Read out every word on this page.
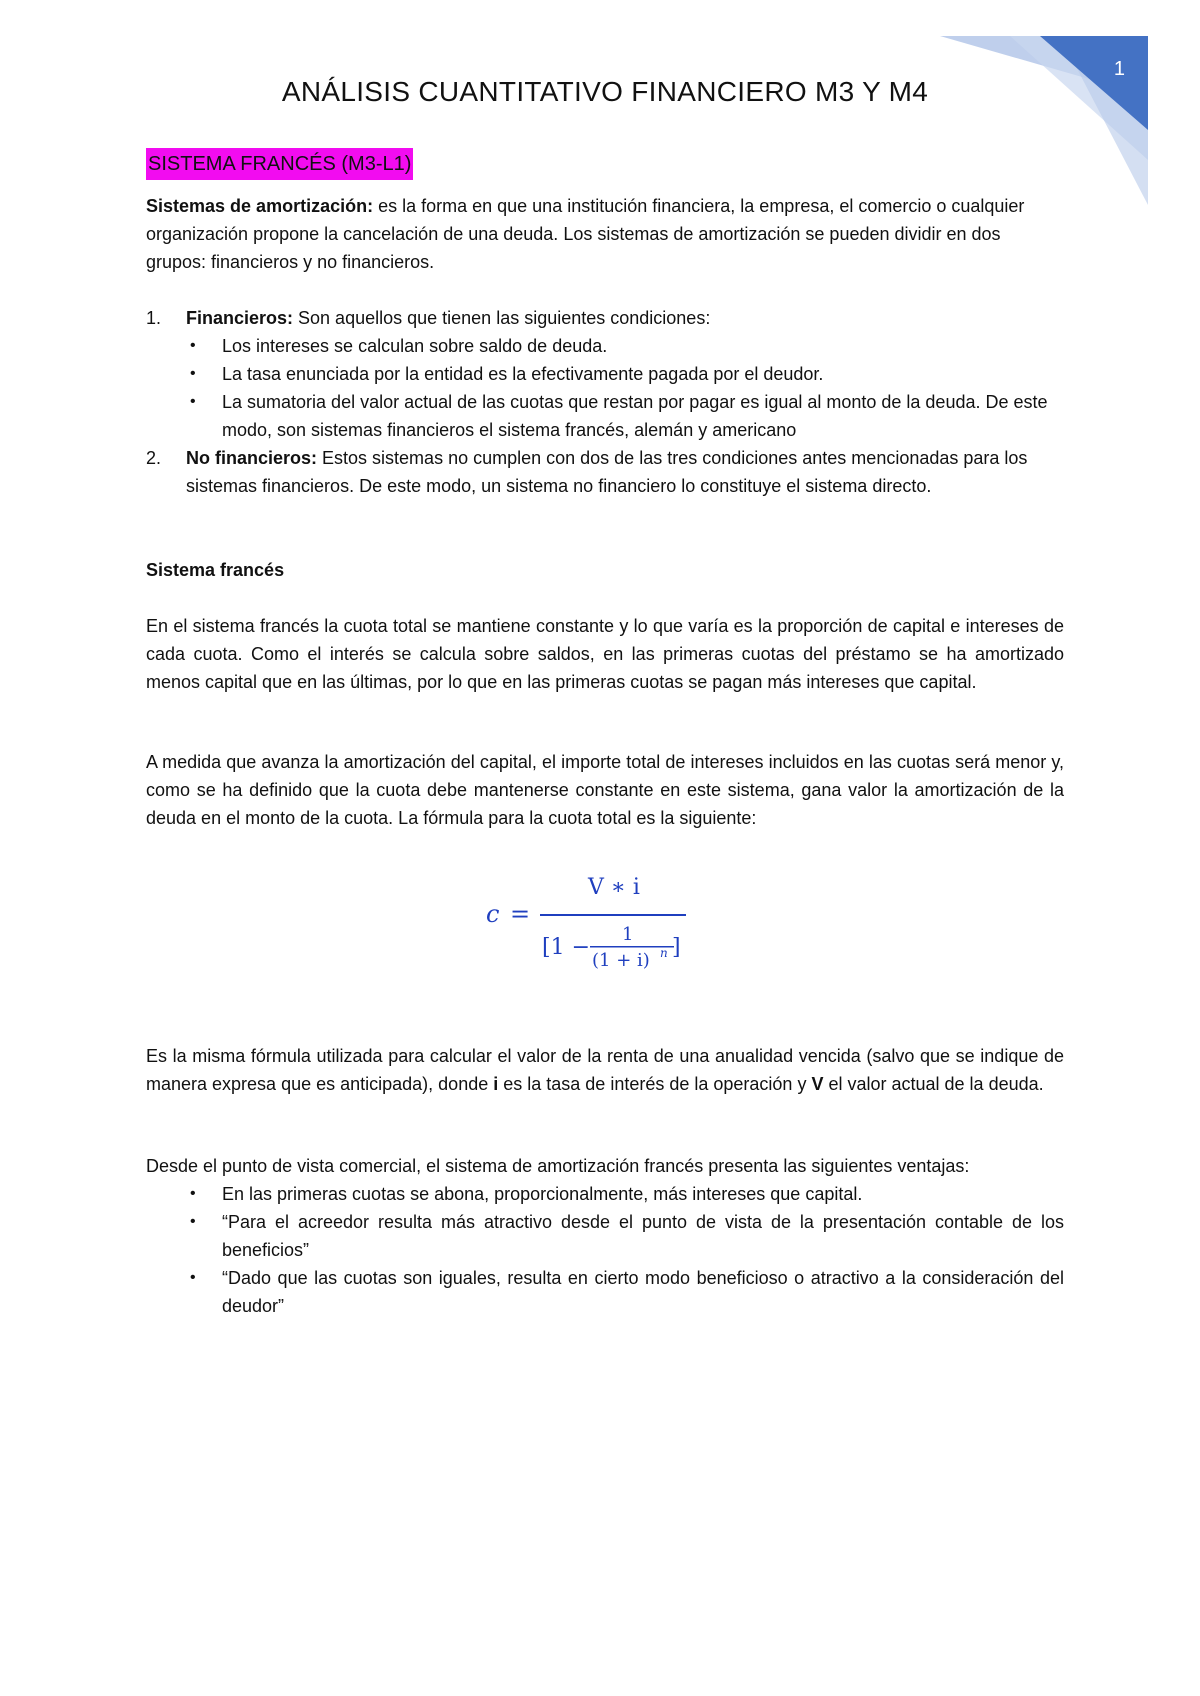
1
ANÁLISIS CUANTITATIVO FINANCIERO M3 Y M4
SISTEMA FRANCÉS (M3-L1)

Sistemas de amortización: es la forma en que una institución financiera, la empresa, el comercio o cualquier organización propone la cancelación de una deuda. Los sistemas de amortización se pueden dividir en dos grupos: financieros y no financieros.

1. Financieros: Son aquellos que tienen las siguientes condiciones:
• Los intereses se calculan sobre saldo de deuda.
• La tasa enunciada por la entidad es la efectivamente pagada por el deudor.
• La sumatoria del valor actual de las cuotas que restan por pagar es igual al monto de la deuda. De este modo, son sistemas financieros el sistema francés, alemán y americano
2. No financieros: Estos sistemas no cumplen con dos de las tres condiciones antes mencionadas para los sistemas financieros. De este modo, un sistema no financiero lo constituye el sistema directo.

Sistema francés

En el sistema francés la cuota total se mantiene constante y lo que varía es la proporción de capital e intereses de cada cuota. Como el interés se calcula sobre saldos, en las primeras cuotas del préstamo se ha amortizado menos capital que en las últimas, por lo que en las primeras cuotas se pagan más intereses que capital.
A medida que avanza la amortización del capital, el importe total de intereses incluidos en las cuotas será menor y, como se ha definido que la cuota debe mantenerse constante en este sistema, gana valor la amortización de la deuda en el monto de la cuota. La fórmula para la cuota total es la siguiente:
Es la misma fórmula utilizada para calcular el valor de la renta de una anualidad vencida (salvo que se indique de manera expresa que es anticipada), donde i es la tasa de interés de la operación y V el valor actual de la deuda.

Desde el punto de vista comercial, el sistema de amortización francés presenta las siguientes ventajas:

• En las primeras cuotas se abona, proporcionalmente, más intereses que capital.
• “Para el acreedor resulta más atractivo desde el punto de vista de la presentación contable de los beneficios”
• “Dado que las cuotas son iguales, resulta en cierto modo beneficioso o atractivo a la consideración del deudor”
c =
V ∗ i
[1 −
1
(1 + i) n ]
